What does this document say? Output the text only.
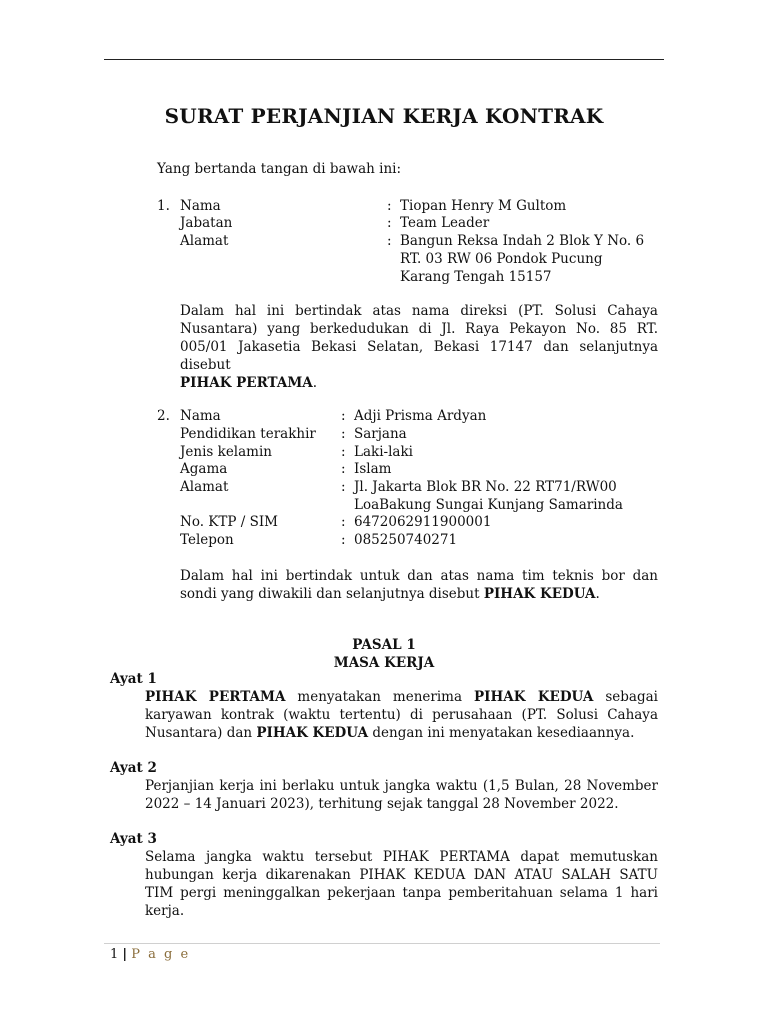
SURAT PERJANJIAN KERJA KONTRAK
Yang bertanda tangan di bawah ini:
1. Nama	: Tiopan Henry M Gultom
Jabatan	: Team Leader
Alamat	: Bangun Reksa Indah 2 Blok Y No. 6
RT. 03 RW 06 Pondok Pucung
Karang Tengah 15157
Dalam hal ini bertindak atas nama direksi (PT. Solusi Cahaya
Nusantara) yang berkedudukan di Jl. Raya Pekayon No. 85 RT.
005/01 Jakasetia Bekasi Selatan, Bekasi 17147 dan selanjutnya disebut
PIHAK PERTAMA.
2. Nama	: Adji Prisma Ardyan
Pendidikan terakhir : Sarjana
Jenis kelamin	: Laki-laki
Agama	: Islam
Alamat	: Jl. Jakarta Blok BR No. 22 RT71/RW00
LoaBakung Sungai Kunjang Samarinda
No. KTP / SIM	: 6472062911900001
Telepon	: 085250740271
Dalam hal ini bertindak untuk dan atas nama tim teknis bor dan
sondi yang diwakili dan selanjutnya disebut PIHAK KEDUA.
PASAL 1
MASA KERJA
Ayat 1
PIHAK PERTAMA menyatakan menerima PIHAK KEDUA sebagai
karyawan kontrak (waktu tertentu) di perusahaan (PT. Solusi Cahaya
Nusantara) dan PIHAK KEDUA dengan ini menyatakan kesediaannya.
Ayat 2
Perjanjian kerja ini berlaku untuk jangka waktu (1,5 Bulan, 28 November
2022 – 14 Januari 2023), terhitung sejak tanggal 28 November 2022.
Ayat 3
Selama jangka waktu tersebut PIHAK PERTAMA dapat memutuskan
hubungan kerja dikarenakan PIHAK KEDUA DAN ATAU SALAH SATU
TIM pergi meninggalkan pekerjaan tanpa pemberitahuan selama 1 hari
kerja.
1 | P a g e
